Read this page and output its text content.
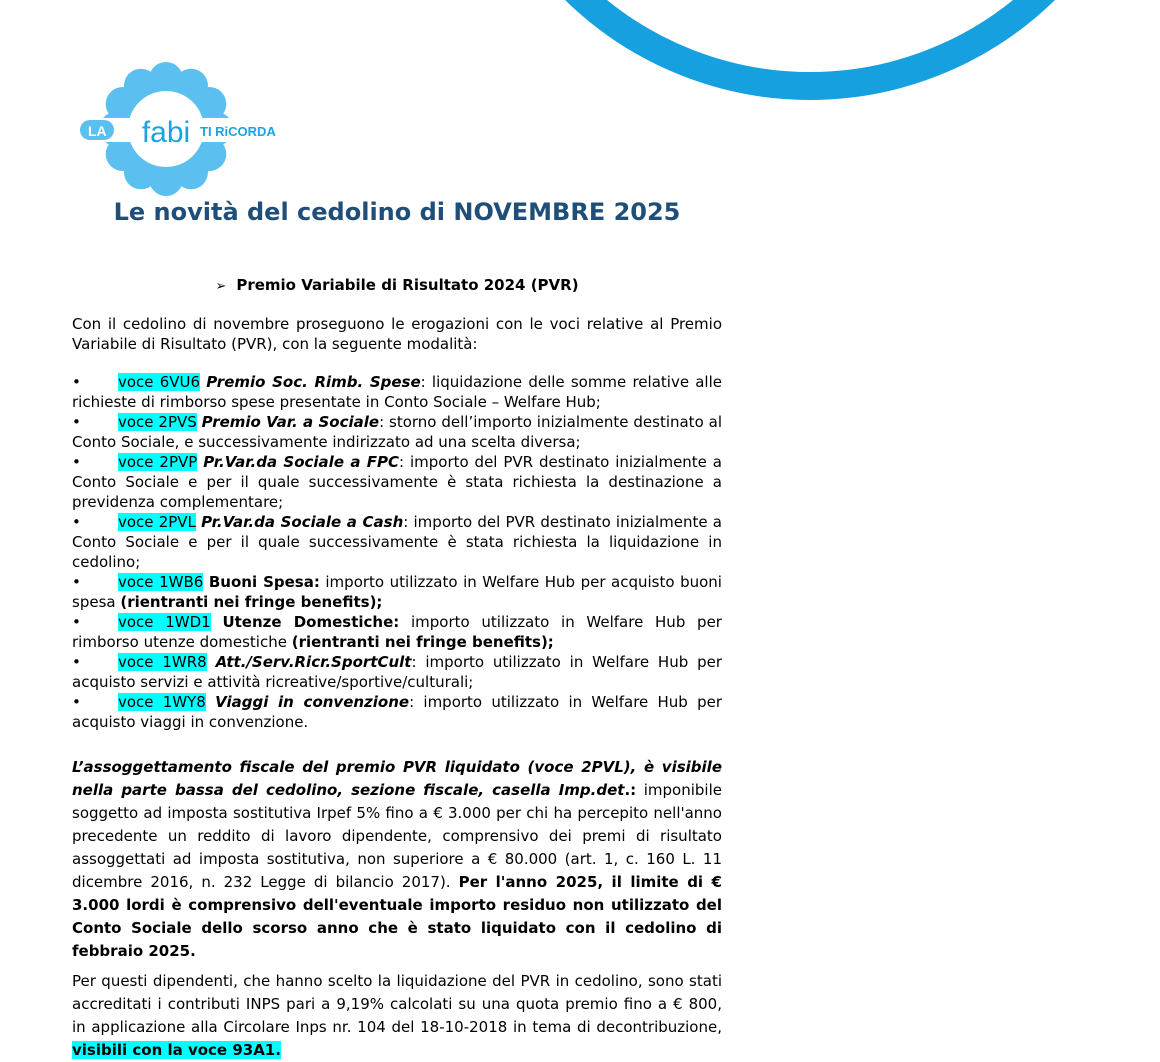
LA fabi TI RiCORDA
Le novità del cedolino di NOVEMBRE 2025
➢ Premio Variabile di Risultato 2024 (PVR)

Con il cedolino di novembre proseguono le erogazioni con le voci relative al Premio Variabile di Risultato (PVR), con la seguente modalità:

• voce 6VU6 Premio Soc. Rimb. Spese: liquidazione delle somme relative alle richieste di rimborso spese presentate in Conto Sociale – Welfare Hub;
• voce 2PVS Premio Var. a Sociale: storno dell’importo inizialmente destinato al Conto Sociale, e successivamente indirizzato ad una scelta diversa;
• voce 2PVP Pr.Var.da Sociale a FPC: importo del PVR destinato inizialmente a Conto Sociale e per il quale successivamente è stata richiesta la destinazione a previdenza complementare;
• voce 2PVL Pr.Var.da Sociale a Cash: importo del PVR destinato inizialmente a Conto Sociale e per il quale successivamente è stata richiesta la liquidazione in cedolino;
• voce 1WB6 Buoni Spesa: importo utilizzato in Welfare Hub per acquisto buoni spesa (rientranti nei fringe benefits);
• voce 1WD1 Utenze Domestiche: importo utilizzato in Welfare Hub per rimborso utenze domestiche (rientranti nei fringe benefits);
• voce 1WR8 Att./Serv.Ricr.SportCult: importo utilizzato in Welfare Hub per acquisto servizi e attività ricreative/sportive/culturali;
• voce 1WY8 Viaggi in convenzione: importo utilizzato in Welfare Hub per acquisto viaggi in convenzione.

L’assoggettamento fiscale del premio PVR liquidato (voce 2PVL), è visibile nella parte bassa del cedolino, sezione fiscale, casella Imp.det.: imponibile soggetto ad imposta sostitutiva Irpef 5% fino a € 3.000 per chi ha percepito nell'anno precedente un reddito di lavoro dipendente, comprensivo dei premi di risultato assoggettati ad imposta sostitutiva, non superiore a € 80.000 (art. 1, c. 160 L. 11 dicembre 2016, n. 232 Legge di bilancio 2017). Per l'anno 2025, il limite di € 3.000 lordi è comprensivo dell'eventuale importo residuo non utilizzato del Conto Sociale dello scorso anno che è stato liquidato con il cedolino di febbraio 2025.

Per questi dipendenti, che hanno scelto la liquidazione del PVR in cedolino, sono stati accreditati i contributi INPS pari a 9,19% calcolati su una quota premio fino a € 800, in applicazione alla Circolare Inps nr. 104 del 18-10-2018 in tema di decontribuzione, visibili con la voce 93A1.
